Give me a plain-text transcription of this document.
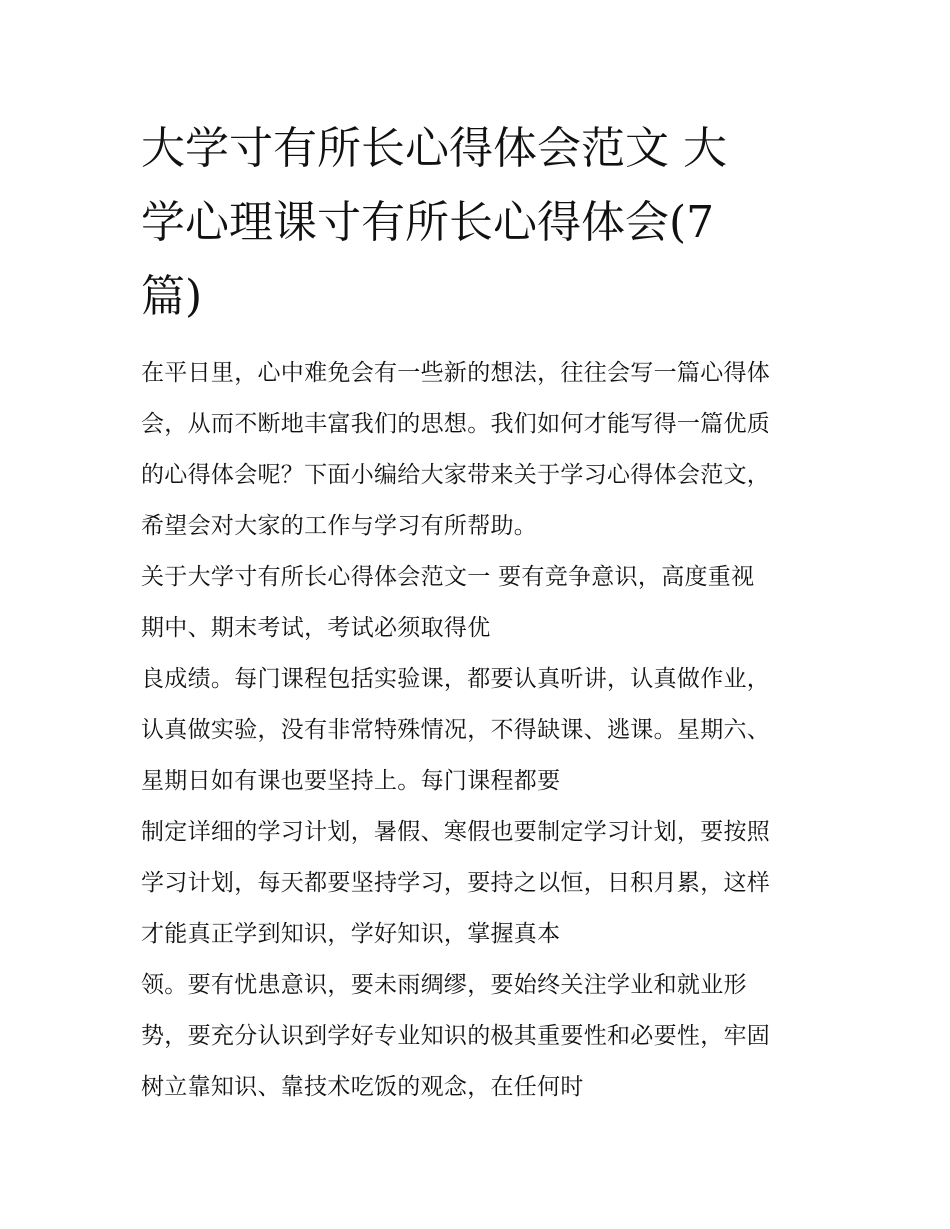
大学寸有所长心得体会范文 大
学心理课寸有所长心得体会(7
篇)

在平日里，心中难免会有一些新的想法，往往会写一篇心得体
会，从而不断地丰富我们的思想。我们如何才能写得一篇优质
的心得体会呢？下面小编给大家带来关于学习心得体会范文，
希望会对大家的工作与学习有所帮助。

关于大学寸有所长心得体会范文一 要有竞争意识，高度重视
期中、期末考试，考试必须取得优

良成绩。每门课程包括实验课，都要认真听讲，认真做作业，
认真做实验，没有非常特殊情况，不得缺课、逃课。星期六、
星期日如有课也要坚持上。每门课程都要

制定详细的学习计划，暑假、寒假也要制定学习计划，要按照
学习计划，每天都要坚持学习，要持之以恒，日积月累，这样
才能真正学到知识，学好知识，掌握真本

领。要有忧患意识，要未雨绸缪，要始终关注学业和就业形
势，要充分认识到学好专业知识的极其重要性和必要性，牢固
树立靠知识、靠技术吃饭的观念，在任何时
